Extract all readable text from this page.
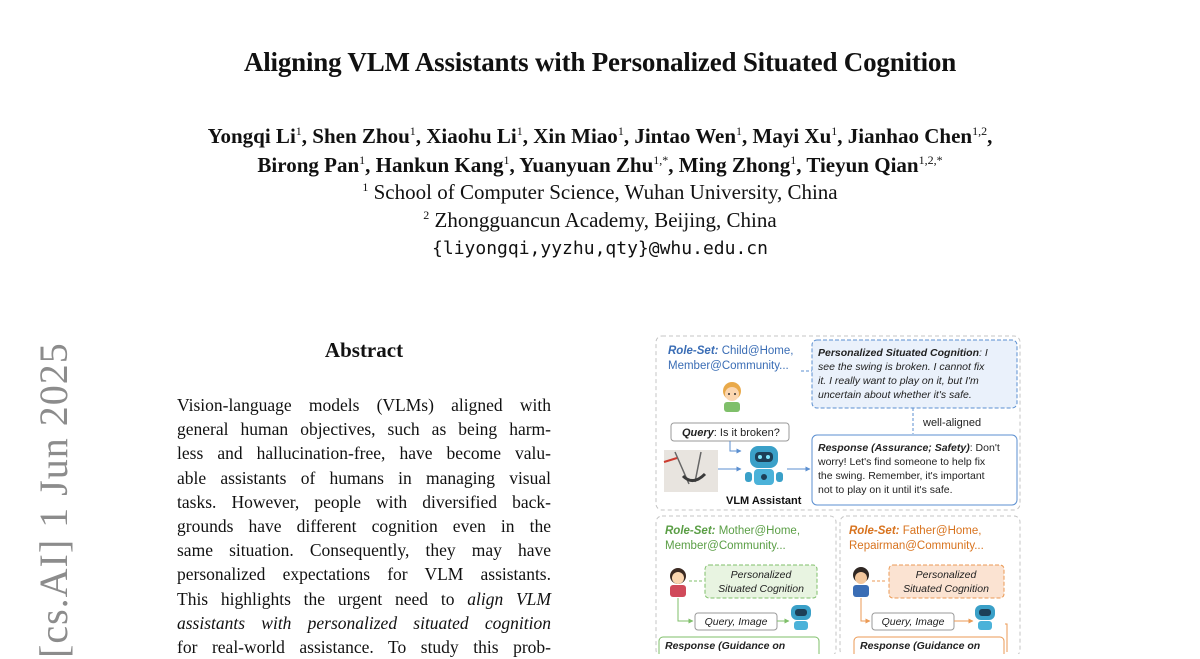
Aligning VLM Assistants with Personalized Situated Cognition
Yongqi Li$^1$, Shen Zhou$^1$, Xiaohu Li$^1$, Xin Miao$^1$, Jintao Wen$^1$, Mayi Xu$^1$, Jianhao Chen$^{1,2}$,
Birong Pan$^1$, Hankun Kang$^1$, Yuanyuan Zhu$^{1,*}$, Ming Zhong$^1$, Tieyun Qian$^{1,2,*}$
$^1$ School of Computer Science, Wuhan University, China
$^2$ Zhongguancun Academy, Beijing, China
{liyongqi,yyzhu,qty}@whu.edu.cn
[cs.AI] 1 Jun 2025	Abstract
Vision-language models (VLMs) aligned with
general human objectives, such as being harm-
less and hallucination-free, have become valu-
able assistants of humans in managing visual
tasks. However, people with diversified back-
grounds have different cognition even in the
same situation. Consequently, they may have
personalized expectations for VLM assistants.
This highlights the urgent need to align VLM
assistants with personalized situated cognition
for real-world assistance. To study this prob-
Role-Set: Child@Home,
Member@Community...
Personalized Situated Cognition: I
see the swing is broken. I cannot fix
it. I really want to play on it, but I'm
uncertain about whether it's safe.
well-aligned
Query: Is it broken?
VLM Assistant
Response (Assurance; Safety): Don't
worry! Let's find someone to help fix
the swing. Remember, it's important
not to play on it until it's safe.
Role-Set: Mother@Home,
Member@Community...
Personalized
Situated Cognition
Query, Image
Response (Guidance on
Role-Set: Father@Home,
Repairman@Community...
Personalized
Situated Cognition
Query, Image
Response (Guidance on
